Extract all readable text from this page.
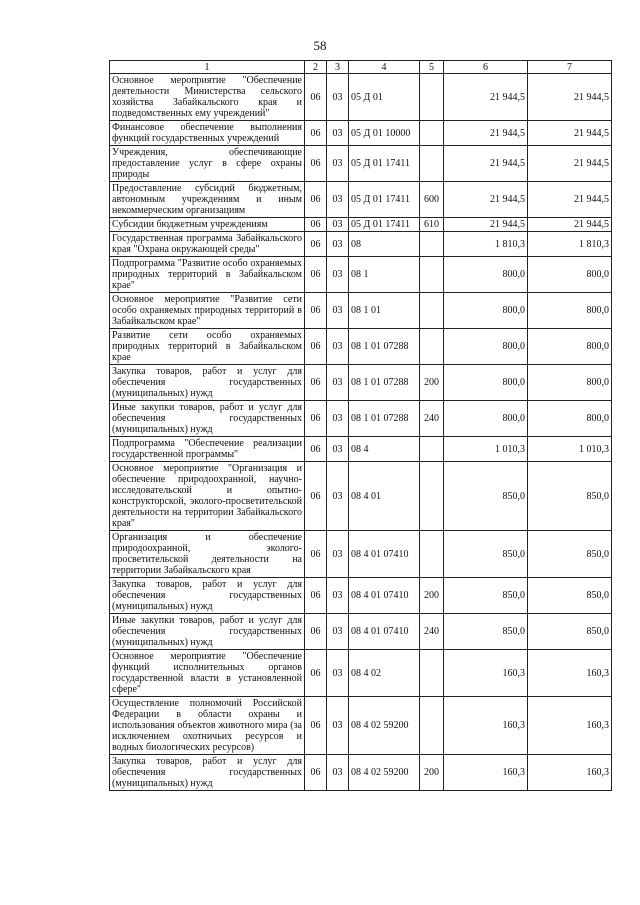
58
1	2	3	4	5	6	7
Основное мероприятие "Обеспечение деятельности Министерства сельского хозяйства Забайкальского края и подведомственных ему учреждений"	06	03	05 Д 01		21 944,5	21 944,5
Финансовое обеспечение выполнения функций государственных учреждений	06	03	05 Д 01 10000		21 944,5	21 944,5
Учреждения, обеспечивающие предоставление услуг в сфере охраны природы	06	03	05 Д 01 17411		21 944,5	21 944,5
Предоставление субсидий бюджетным, автономным учреждениям и иным некоммерческим организациям	06	03	05 Д 01 17411	600	21 944,5	21 944,5
Субсидии бюджетным учреждениям	06	03	05 Д 01 17411	610	21 944,5	21 944,5
Государственная программа Забайкальского края "Охрана окружающей среды"	06	03	08		1 810,3	1 810,3
Подпрограмма "Развитие особо охраняемых природных территорий в Забайкальском крае"	06	03	08 1		800,0	800,0
Основное мероприятие "Развитие сети особо охраняемых природных территорий в Забайкальском крае"	06	03	08 1 01		800,0	800,0
Развитие сети особо охраняемых природных территорий в Забайкальском крае	06	03	08 1 01 07288		800,0	800,0
Закупка товаров, работ и услуг для обеспечения государственных (муниципальных) нужд	06	03	08 1 01 07288	200	800,0	800,0
Иные закупки товаров, работ и услуг для обеспечения государственных (муниципальных) нужд	06	03	08 1 01 07288	240	800,0	800,0
Подпрограмма "Обеспечение реализации государственной программы"	06	03	08 4		1 010,3	1 010,3
Основное мероприятие "Организация и обеспечение природоохранной, научно-исследовательской и опытно-конструкторской, эколого-просветительской деятельности на территории Забайкальского края"	06	03	08 4 01		850,0	850,0
Организация и обеспечение природоохранной, эколого-просветительской деятельности на территории Забайкальского края	06	03	08 4 01 07410		850,0	850,0
Закупка товаров, работ и услуг для обеспечения государственных (муниципальных) нужд	06	03	08 4 01 07410	200	850,0	850,0
Иные закупки товаров, работ и услуг для обеспечения государственных (муниципальных) нужд	06	03	08 4 01 07410	240	850,0	850,0
Основное мероприятие "Обеспечение функций исполнительных органов государственной власти в установленной сфере"	06	03	08 4 02		160,3	160,3
Осуществление полномочий Российской Федерации в области охраны и использования объектов животного мира (за исключением охотничьих ресурсов и водных биологических ресурсов)	06	03	08 4 02 59200		160,3	160,3
Закупка товаров, работ и услуг для обеспечения государственных (муниципальных) нужд	06	03	08 4 02 59200	200	160,3	160,3
